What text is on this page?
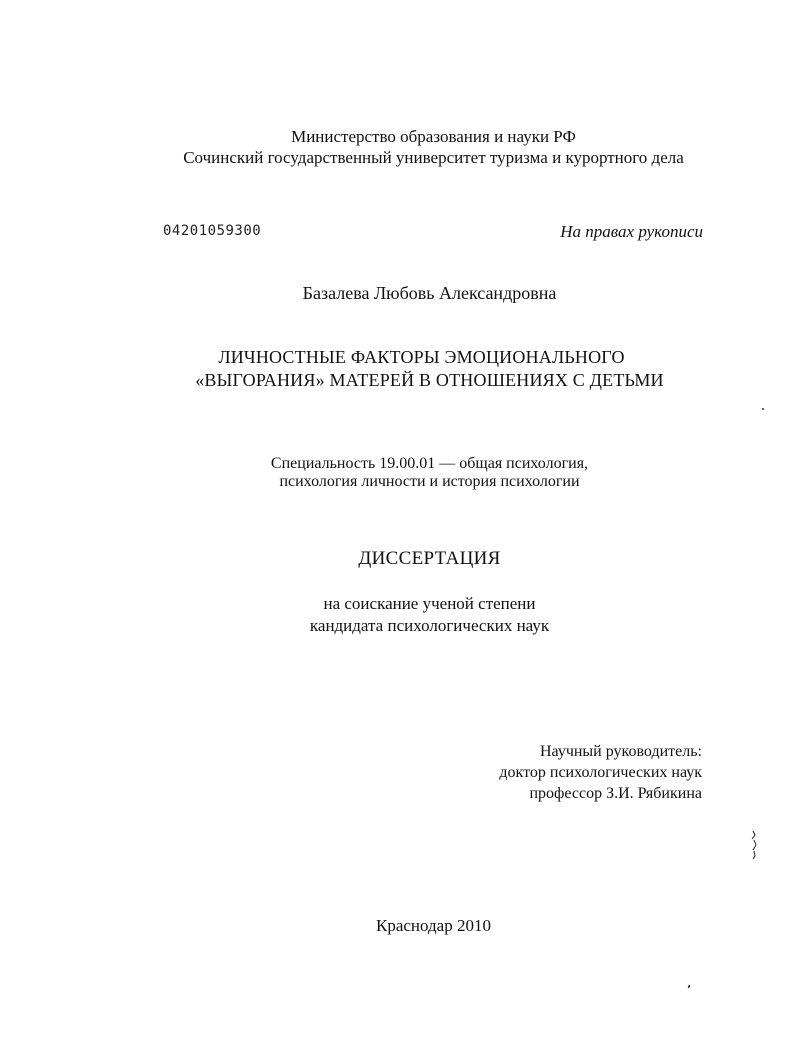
Министерство образования и науки РФ
Сочинский государственный университет туризма и курортного дела
04201059300	На правах рукописи
Базалева Любовь Александровна
ЛИЧНОСТНЫЕ ФАКТОРЫ ЭМОЦИОНАЛЬНОГО
«ВЫГОРАНИЯ» МАТЕРЕЙ В ОТНОШЕНИЯХ С ДЕТЬМИ
Специальность 19.00.01 — общая психология,
психология личности и история психологии
ДИССЕРТАЦИЯ
на соискание ученой степени
кандидата психологических наук
Научный руководитель:
доктор психологических наук
профессор З.И. Рябикина
Краснодар 2010
